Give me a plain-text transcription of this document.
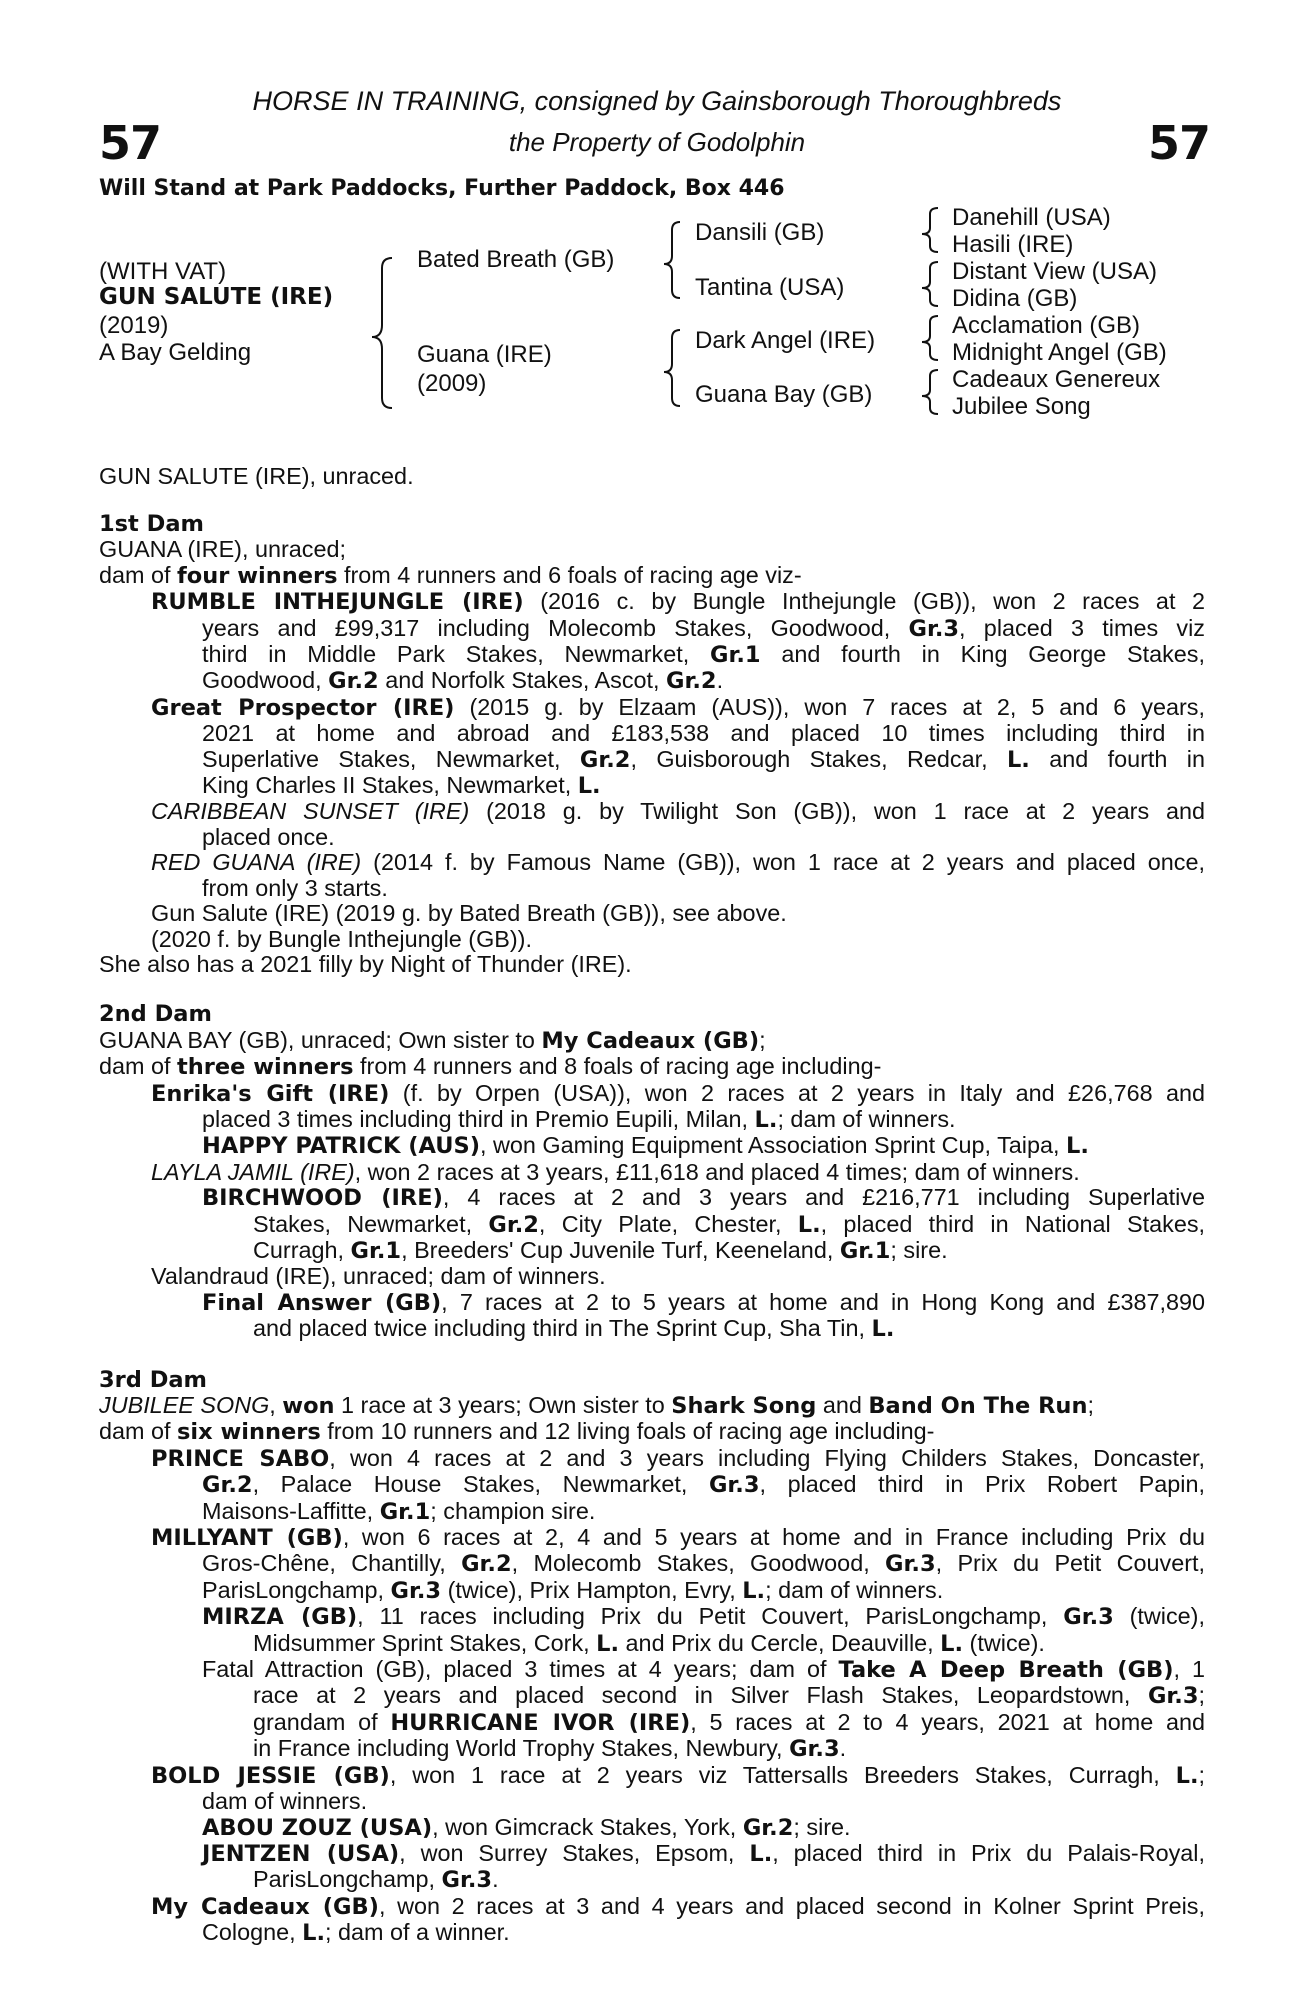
57	57
HORSE IN TRAINING, consigned by Gainsborough Thoroughbreds
the Property of Godolphin
Will Stand at Park Paddocks, Further Paddock, Box 446
(WITH VAT)
GUN SALUTE (IRE)
(2019)
A Bay Gelding
Bated Breath (GB)
Guana (IRE)
(2009)
Dansili (GB)
Tantina (USA)
Dark Angel (IRE)
Guana Bay (GB)
Danehill (USA)
Hasili (IRE)
Distant View (USA)
Didina (GB)
Acclamation (GB)
Midnight Angel (GB)
Cadeaux Genereux
Jubilee Song
GUN SALUTE (IRE), unraced.
1st Dam
GUANA (IRE), unraced;
dam of four winners from 4 runners and 6 foals of racing age viz-
RUMBLE INTHEJUNGLE (IRE) (2016 c. by Bungle Inthejungle (GB)), won 2 races at 2
years and £99,317 including Molecomb Stakes, Goodwood, Gr.3, placed 3 times viz
third in Middle Park Stakes, Newmarket, Gr.1 and fourth in King George Stakes,
Goodwood, Gr.2 and Norfolk Stakes, Ascot, Gr.2.
Great Prospector (IRE) (2015 g. by Elzaam (AUS)), won 7 races at 2, 5 and 6 years,
2021 at home and abroad and £183,538 and placed 10 times including third in
Superlative Stakes, Newmarket, Gr.2, Guisborough Stakes, Redcar, L. and fourth in
King Charles II Stakes, Newmarket, L.
CARIBBEAN SUNSET (IRE) (2018 g. by Twilight Son (GB)), won 1 race at 2 years and
placed once.
RED GUANA (IRE) (2014 f. by Famous Name (GB)), won 1 race at 2 years and placed once,
from only 3 starts.
Gun Salute (IRE) (2019 g. by Bated Breath (GB)), see above.
(2020 f. by Bungle Inthejungle (GB)).
She also has a 2021 filly by Night of Thunder (IRE).
2nd Dam
GUANA BAY (GB), unraced; Own sister to My Cadeaux (GB);
dam of three winners from 4 runners and 8 foals of racing age including-
Enrika's Gift (IRE) (f. by Orpen (USA)), won 2 races at 2 years in Italy and £26,768 and
placed 3 times including third in Premio Eupili, Milan, L.; dam of winners.
HAPPY PATRICK (AUS), won Gaming Equipment Association Sprint Cup, Taipa, L.
LAYLA JAMIL (IRE), won 2 races at 3 years, £11,618 and placed 4 times; dam of winners.
BIRCHWOOD (IRE), 4 races at 2 and 3 years and £216,771 including Superlative
Stakes, Newmarket, Gr.2, City Plate, Chester, L., placed third in National Stakes,
Curragh, Gr.1, Breeders' Cup Juvenile Turf, Keeneland, Gr.1; sire.
Valandraud (IRE), unraced; dam of winners.
Final Answer (GB), 7 races at 2 to 5 years at home and in Hong Kong and £387,890
and placed twice including third in The Sprint Cup, Sha Tin, L.
3rd Dam
JUBILEE SONG, won 1 race at 3 years; Own sister to Shark Song and Band On The Run;
dam of six winners from 10 runners and 12 living foals of racing age including-
PRINCE SABO, won 4 races at 2 and 3 years including Flying Childers Stakes, Doncaster,
Gr.2, Palace House Stakes, Newmarket, Gr.3, placed third in Prix Robert Papin,
Maisons-Laffitte, Gr.1; champion sire.
MILLYANT (GB), won 6 races at 2, 4 and 5 years at home and in France including Prix du
Gros-Chêne, Chantilly, Gr.2, Molecomb Stakes, Goodwood, Gr.3, Prix du Petit Couvert,
ParisLongchamp, Gr.3 (twice), Prix Hampton, Evry, L.; dam of winners.
MIRZA (GB), 11 races including Prix du Petit Couvert, ParisLongchamp, Gr.3 (twice),
Midsummer Sprint Stakes, Cork, L. and Prix du Cercle, Deauville, L. (twice).
Fatal Attraction (GB), placed 3 times at 4 years; dam of Take A Deep Breath (GB), 1
race at 2 years and placed second in Silver Flash Stakes, Leopardstown, Gr.3;
grandam of HURRICANE IVOR (IRE), 5 races at 2 to 4 years, 2021 at home and
in France including World Trophy Stakes, Newbury, Gr.3.
BOLD JESSIE (GB), won 1 race at 2 years viz Tattersalls Breeders Stakes, Curragh, L.;
dam of winners.
ABOU ZOUZ (USA), won Gimcrack Stakes, York, Gr.2; sire.
JENTZEN (USA), won Surrey Stakes, Epsom, L., placed third in Prix du Palais-Royal,
ParisLongchamp, Gr.3.
My Cadeaux (GB), won 2 races at 3 and 4 years and placed second in Kolner Sprint Preis,
Cologne, L.; dam of a winner.
